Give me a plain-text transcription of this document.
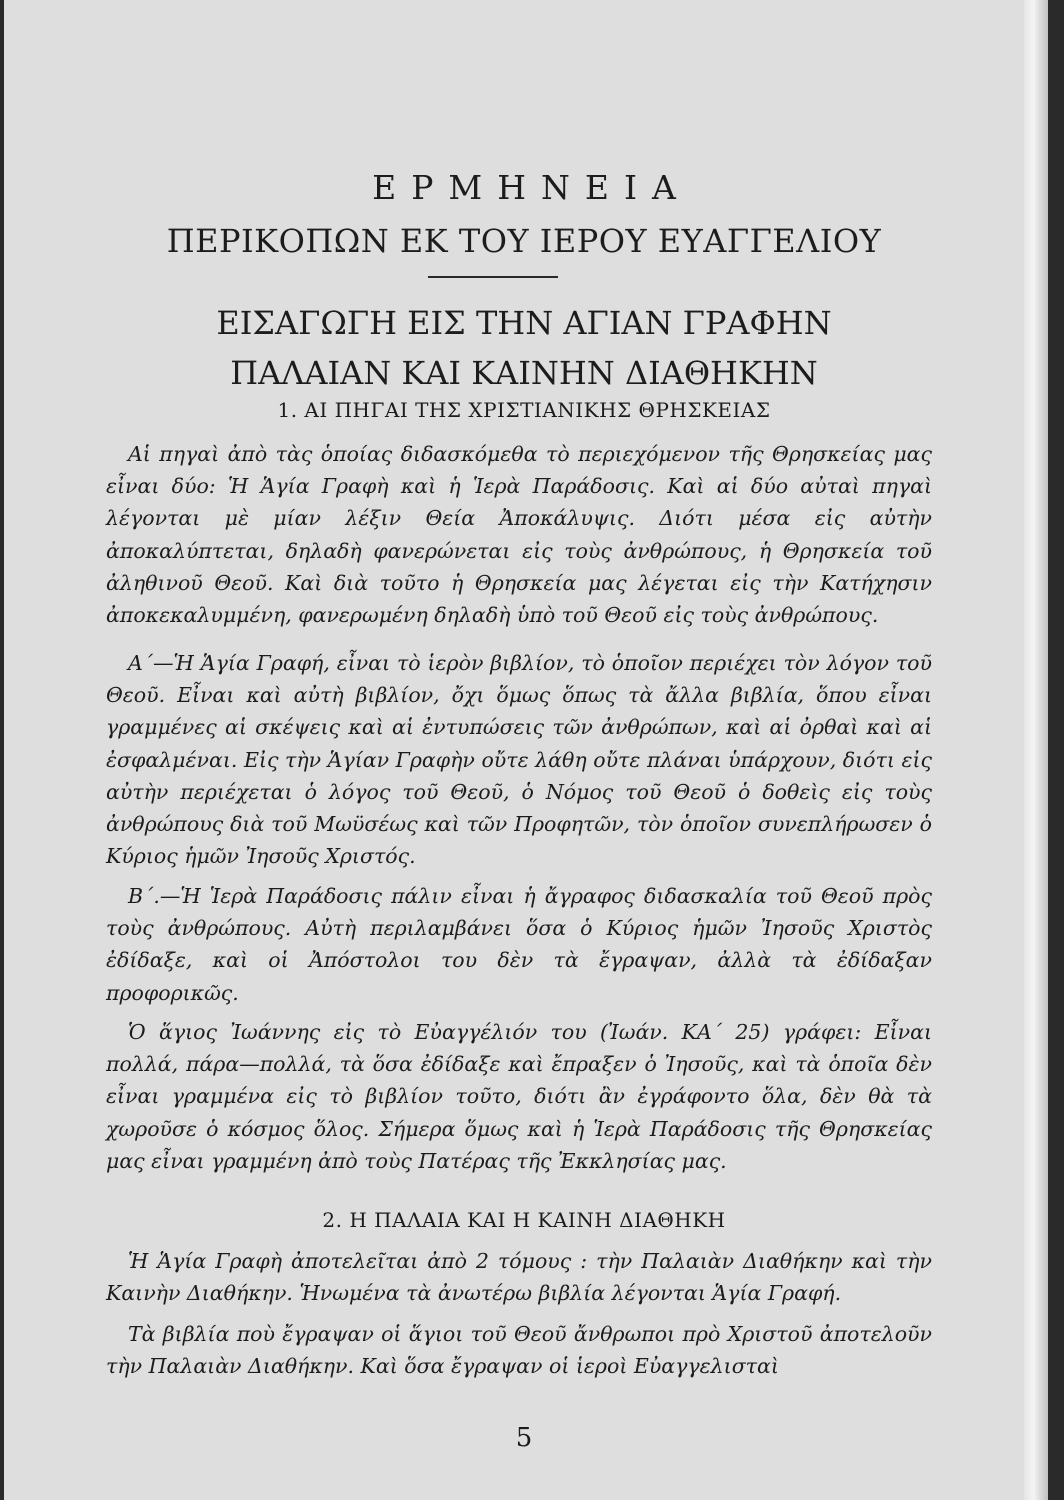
ΕΡΜΗΝΕΙΑ
ΠΕΡΙΚΟΠΩΝ ΕΚ ΤΟΥ ΙΕΡΟΥ ΕΥΑΓΓΕΛΙΟΥ
ΕΙΣΑΓΩΓΗ ΕΙΣ ΤΗΝ ΑΓΙΑΝ ΓΡΑΦΗΝ
ΠΑΛΑΙΑΝ ΚΑΙ ΚΑΙΝΗΝ ΔΙΑΘΗΚΗΝ
1. ΑΙ ΠΗΓΑΙ ΤΗΣ ΧΡΙΣΤΙΑΝΙΚΗΣ ΘΡΗΣΚΕΙΑΣ

Αἱ πηγαὶ ἀπὸ τὰς ὁποίας διδασκόμεθα τὸ περιεχόμενον τῆς Θρησκείας μας εἶναι δύο: Ἡ Ἁγία Γραφὴ καὶ ἡ Ἱερὰ Παράδοσις. Καὶ αἱ δύο αὐταὶ πηγαὶ λέγονται μὲ μίαν λέξιν Θεία Ἀποκάλυψις. Διότι μέσα εἰς αὐτὴν ἀποκαλύπτεται, δηλαδὴ φανερώνεται εἰς τοὺς ἀνθρώπους, ἡ Θρησκεία τοῦ ἀληθινοῦ Θεοῦ. Καὶ διὰ τοῦτο ἡ Θρησκεία μας λέγεται εἰς τὴν Κατήχησιν ἀποκεκαλυμμένη, φανερωμένη δηλαδὴ ὑπὸ τοῦ Θεοῦ εἰς τοὺς ἀνθρώπους.

Α΄—Ἡ Ἁγία Γραφή, εἶναι τὸ ἱερὸν βιβλίον, τὸ ὁποῖον περιέχει τὸν λόγον τοῦ Θεοῦ. Εἶναι καὶ αὐτὴ βιβλίον, ὄχι ὅμως ὅπως τὰ ἄλλα βιβλία, ὅπου εἶναι γραμμένες αἱ σκέψεις καὶ αἱ ἐντυπώσεις τῶν ἀνθρώπων, καὶ αἱ ὀρθαὶ καὶ αἱ ἐσφαλμέναι. Εἰς τὴν Ἁγίαν Γραφὴν οὔτε λάθη οὔτε πλάναι ὑπάρχουν, διότι εἰς αὐτὴν περιέχεται ὁ λόγος τοῦ Θεοῦ, ὁ Νόμος τοῦ Θεοῦ ὁ δοθεὶς εἰς τοὺς ἀνθρώπους διὰ τοῦ Μωϋσέως καὶ τῶν Προφητῶν, τὸν ὁποῖον συνεπλήρωσεν ὁ Κύριος ἡμῶν Ἰησοῦς Χριστός.

Β΄.—Ἡ Ἱερὰ Παράδοσις πάλιν εἶναι ἡ ἄγραφος διδασκαλία τοῦ Θεοῦ πρὸς τοὺς ἀνθρώπους. Αὐτὴ περιλαμβάνει ὅσα ὁ Κύριος ἡμῶν Ἰησοῦς Χριστὸς ἐδίδαξε, καὶ οἱ Ἀπόστολοι του δὲν τὰ ἔγραψαν, ἀλλὰ τὰ ἐδίδαξαν προφορικῶς.

Ὁ ἅγιος Ἰωάννης εἰς τὸ Εὐαγγέλιόν του (Ἰωάν. ΚΑ΄ 25) γράφει: Εἶναι πολλά, πάρα—πολλά, τὰ ὅσα ἐδίδαξε καὶ ἔπραξεν ὁ Ἰησοῦς, καὶ τὰ ὁποῖα δὲν εἶναι γραμμένα εἰς τὸ βιβλίον τοῦτο, διότι ἂν ἐγράφοντο ὅλα, δὲν θὰ τὰ χωροῦσε ὁ κόσμος ὅλος. Σήμερα ὅμως καὶ ἡ Ἱερὰ Παράδοσις τῆς Θρησκείας μας εἶναι γραμμένη ἀπὸ τοὺς Πατέρας τῆς Ἐκκλησίας μας.

2. Η ΠΑΛΑΙΑ ΚΑΙ Η ΚΑΙΝΗ ΔΙΑΘΗΚΗ

Ἡ Ἁγία Γραφὴ ἀποτελεῖται ἀπὸ 2 τόμους : τὴν Παλαιὰν Διαθήκην καὶ τὴν Καινὴν Διαθήκην. Ἡνωμένα τὰ ἀνωτέρω βιβλία λέγονται Ἁγία Γραφή.

Τὰ βιβλία ποὺ ἔγραψαν οἱ ἅγιοι τοῦ Θεοῦ ἄνθρωποι πρὸ Χριστοῦ ἀποτελοῦν τὴν Παλαιὰν Διαθήκην. Καὶ ὅσα ἔγραψαν οἱ ἱεροὶ Εὐαγγελισταὶ

5
